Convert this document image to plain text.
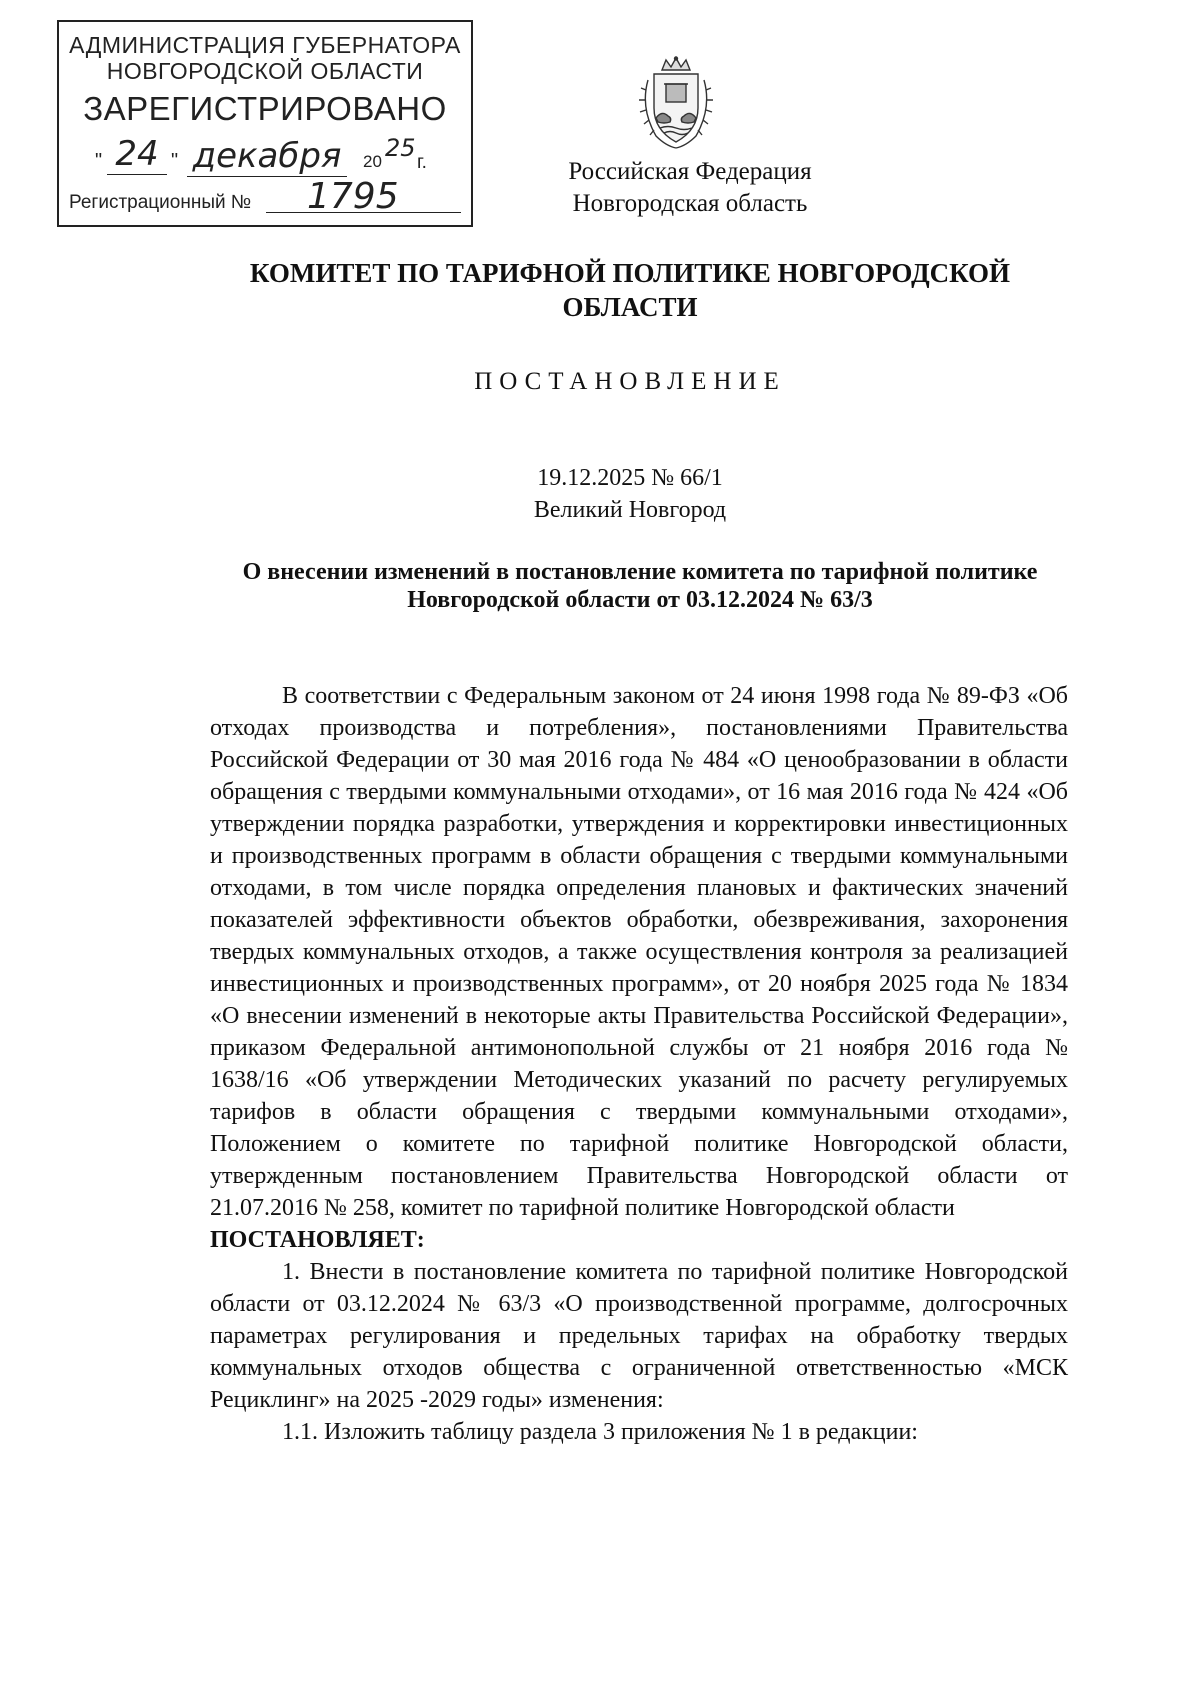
АДМИНИСТРАЦИЯ ГУБЕРНАТОРА
НОВГОРОДСКОЙ ОБЛАСТИ
ЗАРЕГИСТРИРОВАНО
" 24 " декабря	20 25
г.
Регистрационный № 1795
Российская Федерация
Новгородская область
КОМИТЕТ ПО ТАРИФНОЙ ПОЛИТИКЕ НОВГОРОДСКОЙ ОБЛАСТИ
ПОСТАНОВЛЕНИЕ
19.12.2025 № 66/1
Великий Новгород
О внесении изменений в постановление комитета по тарифной политике Новгородской области от 03.12.2024 № 63/3

В соответствии с Федеральным законом от 24 июня 1998 года № 89-ФЗ «Об отходах производства и потребления», постановлениями Правительства Российской Федерации от 30 мая 2016 года № 484 «О ценообразовании в области обращения с твердыми коммунальными отходами», от 16 мая 2016 года № 424 «Об утверждении порядка разработки, утверждения и корректировки инвестиционных и производственных программ в области обращения с твердыми коммунальными отходами, в том числе порядка определения плановых и фактических значений показателей эффективности объектов обработки, обезвреживания, захоронения твердых коммунальных отходов, а также осуществления контроля за реализацией инвестиционных и производственных программ», от 20 ноября 2025 года № 1834 «О внесении изменений в некоторые акты Правительства Российской Федерации», приказом Федеральной антимонопольной службы от 21 ноября 2016 года № 1638/16 «Об утверждении Методических указаний по расчету регулируемых тарифов в области обращения с твердыми коммунальными отходами», Положением о комитете по тарифной политике Новгородской области, утвержденным постановлением Правительства Новгородской области от 21.07.2016 № 258, комитет по тарифной политике Новгородской области

ПОСТАНОВЛЯЕТ:

1. Внести в постановление комитета по тарифной политике Новгородской области от 03.12.2024 № 63/3 «О производственной программе, долгосрочных параметрах регулирования и предельных тарифах на обработку твердых коммунальных отходов общества с ограниченной ответственностью «МСК Рециклинг» на 2025 -2029 годы» изменения:

1.1. Изложить таблицу раздела 3 приложения № 1 в редакции:
